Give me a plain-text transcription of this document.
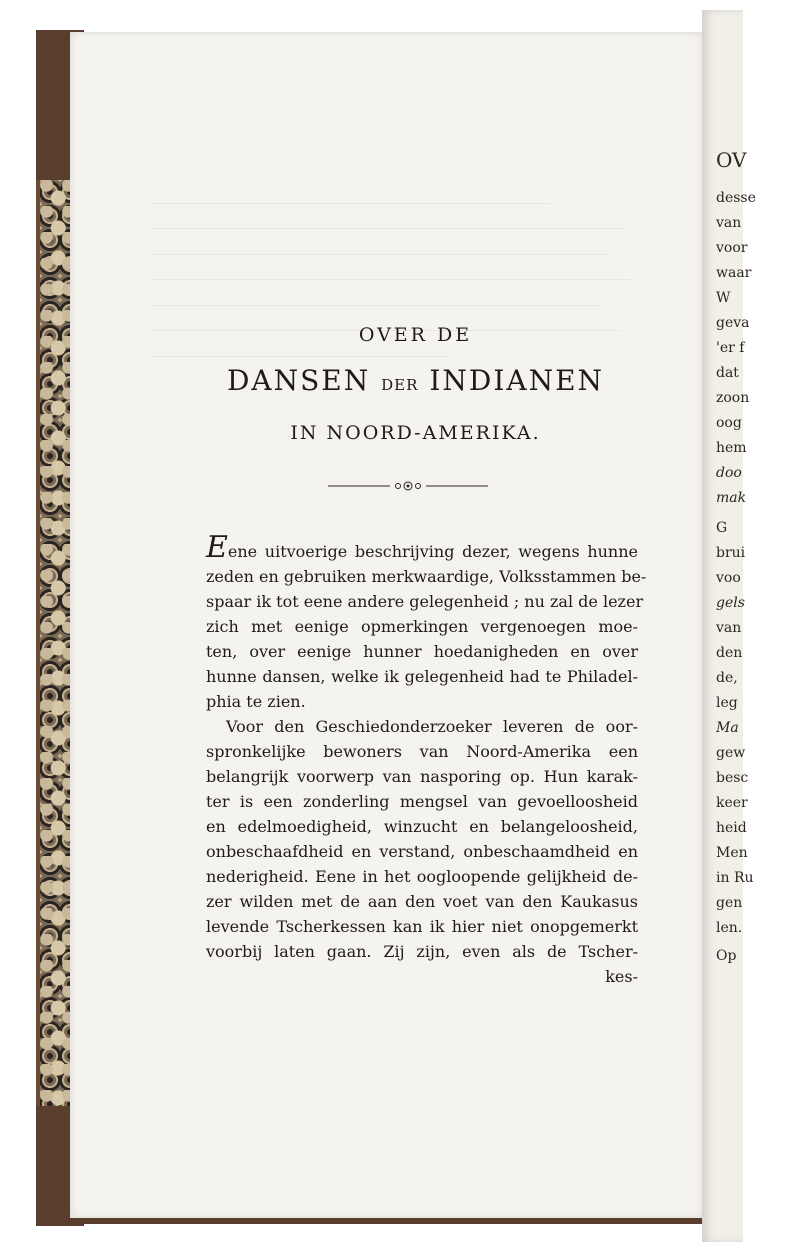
OV
desse
van
voor
waar
W
geva
'er f
dat
zoon
oog
hem
doo
mak
G
brui
voo
gels
van
den
de,
leg
Ma
gew
besc
keer
heid
Men
in Ru
gen
len.
Op
OVER DE
DANSEN DER INDIANEN
IN NOORD-AMERIKA.
Eene uitvoerige beschrijving dezer, wegens hunne
zeden en gebruiken merkwaardige, Volksstammen be-
spaar ik tot eene andere gelegenheid ; nu zal de lezer
zich met eenige opmerkingen vergenoegen moe-
ten, over eenige hunner hoedanigheden en over
hunne dansen, welke ik gelegenheid had te Philadel-
phia te zien.
Voor den Geschiedonderzoeker leveren de oor-
spronkelijke bewoners van Noord-Amerika een
belangrijk voorwerp van nasporing op. Hun karak-
ter is een zonderling mengsel van gevoelloosheid
en edelmoedigheid, winzucht en belangeloosheid,
onbeschaafdheid en verstand, onbeschaamdheid en
nederigheid. Eene in het oogloopende gelijkheid de-
zer wilden met de aan den voet van den Kaukasus
levende Tscherkessen kan ik hier niet onopgemerkt
voorbij laten gaan. Zij zijn, even als de Tscher-
kes-
